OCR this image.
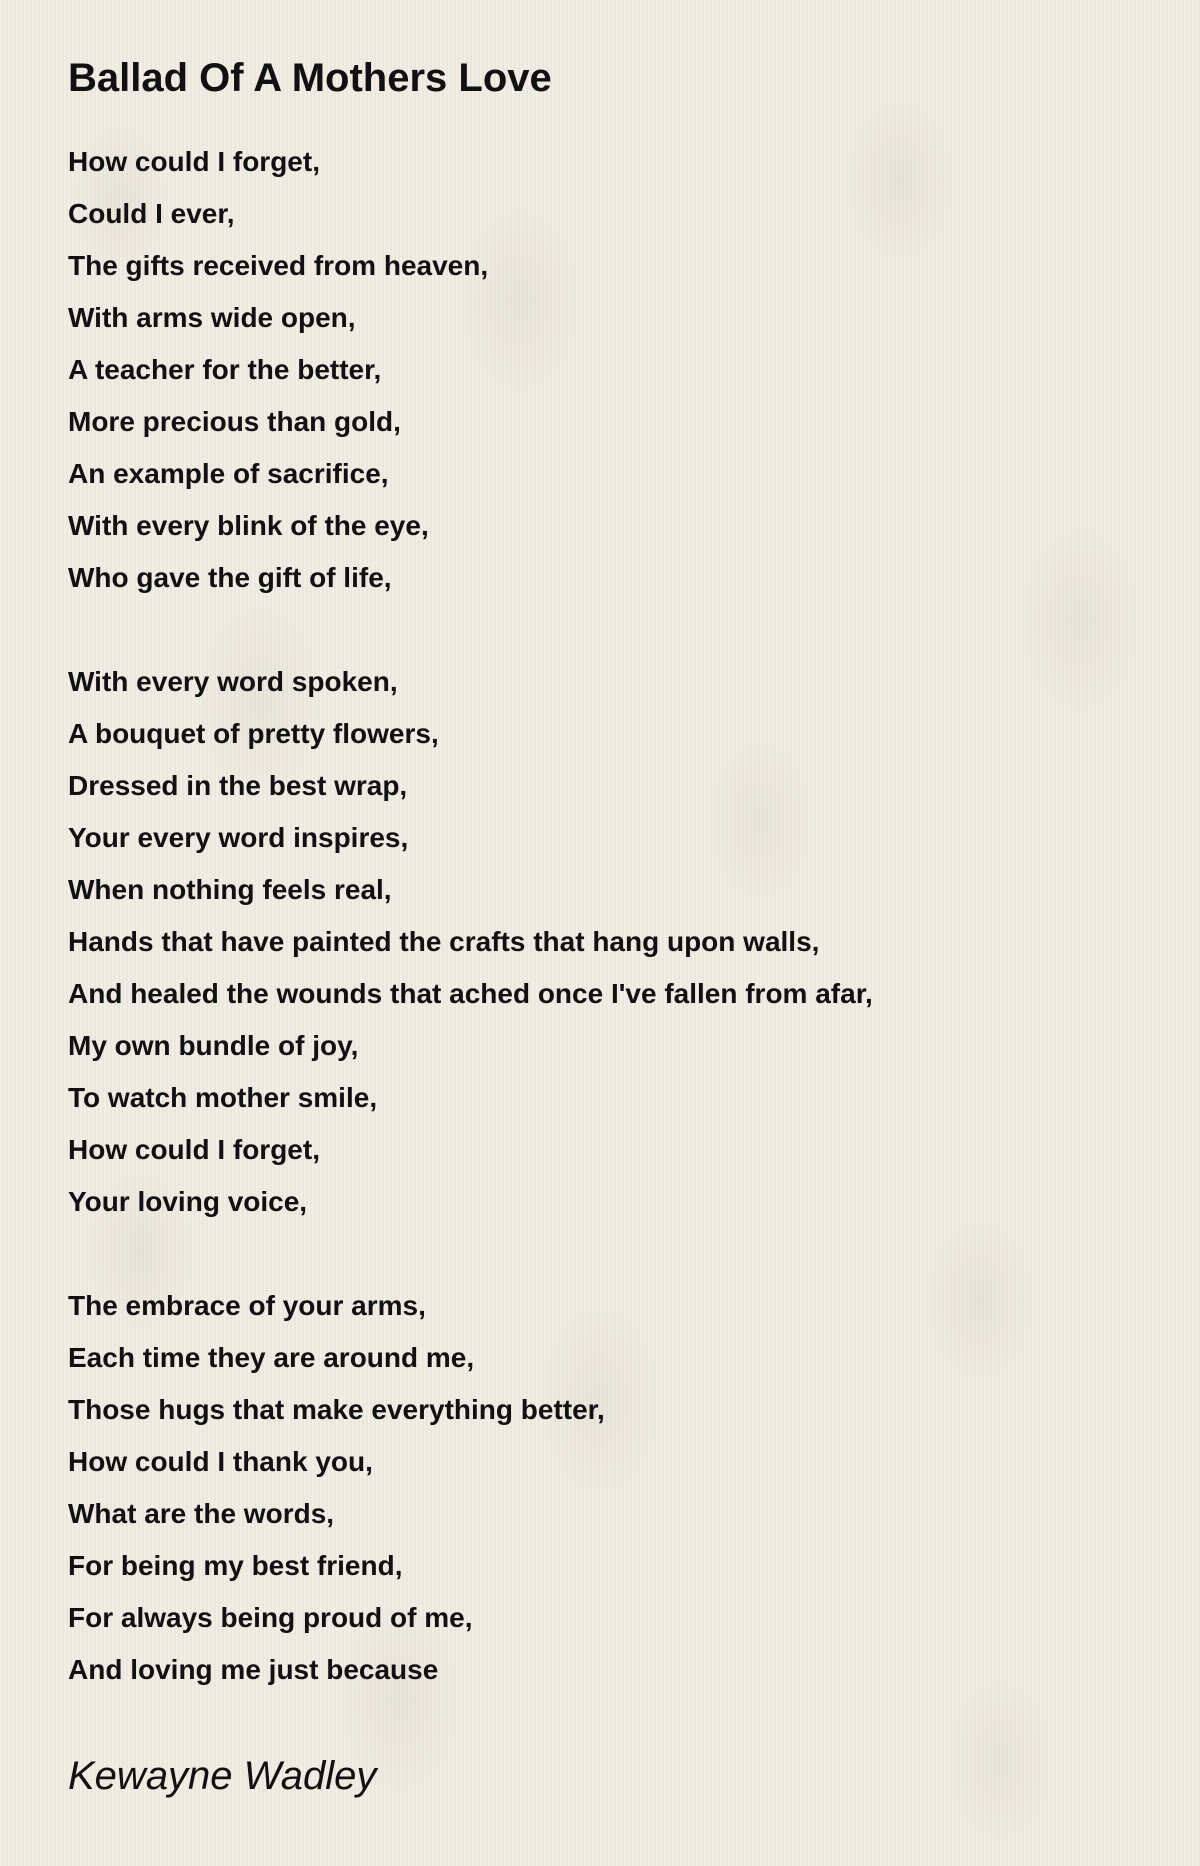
Ballad Of A Mothers Love
How could I forget,
Could I ever,
The gifts received from heaven,
With arms wide open,
A teacher for the better,
More precious than gold,
An example of sacrifice,
With every blink of the eye,
Who gave the gift of life,
With every word spoken,
A bouquet of pretty flowers,
Dressed in the best wrap,
Your every word inspires,
When nothing feels real,
Hands that have painted the crafts that hang upon walls,
And healed the wounds that ached once I've fallen from afar,
My own bundle of joy,
To watch mother smile,
How could I forget,
Your loving voice,
The embrace of your arms,
Each time they are around me,
Those hugs that make everything better,
How could I thank you,
What are the words,
For being my best friend,
For always being proud of me,
And loving me just because
Kewayne Wadley
